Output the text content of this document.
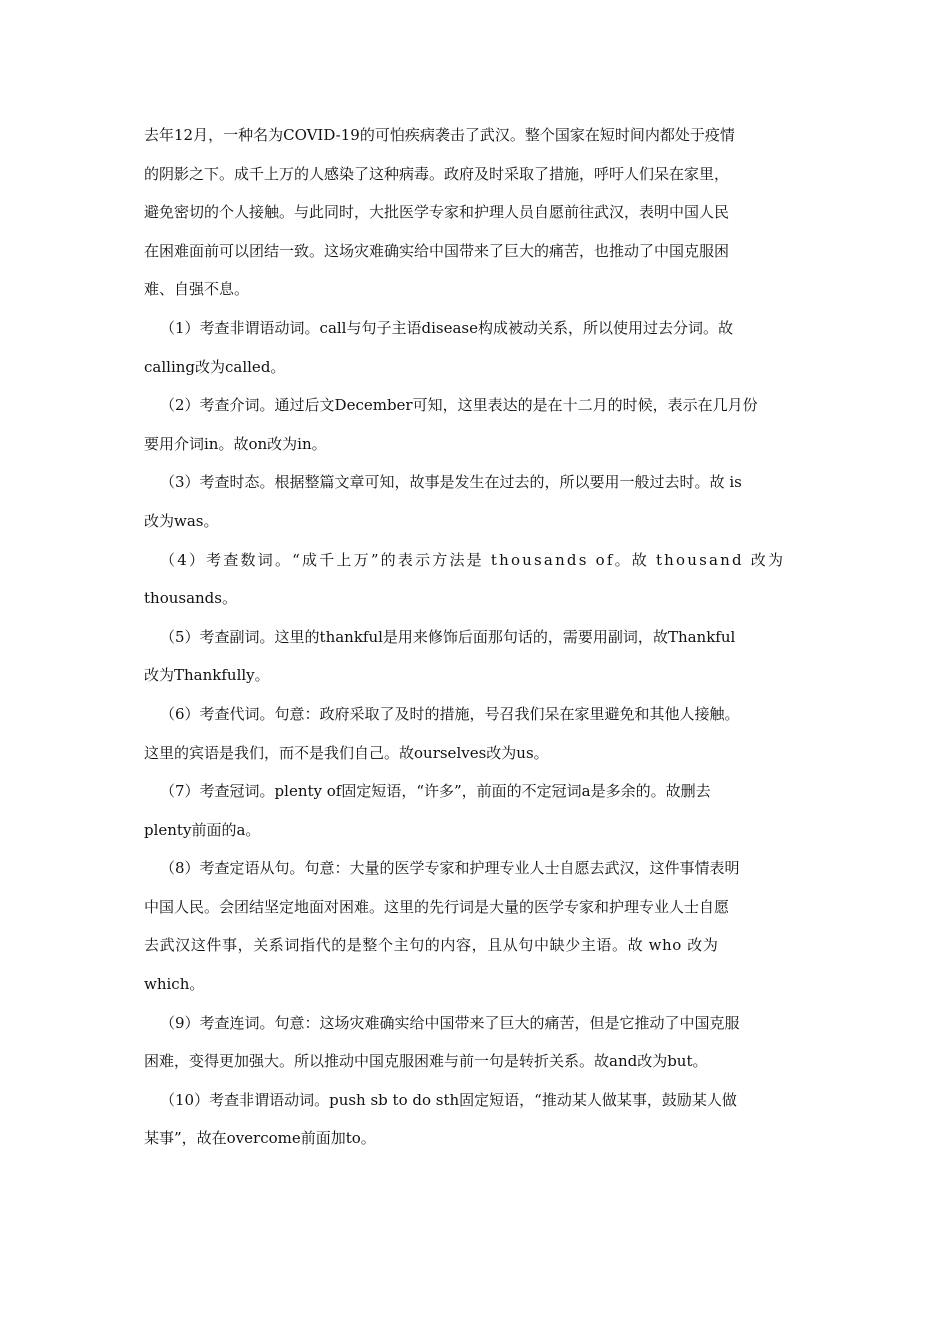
去年12月，一种名为COVID-19的可怕疾病袭击了武汉。整个国家在短时间内都处于疫情
的阴影之下。成千上万的人感染了这种病毒。政府及时采取了措施，呼吁人们呆在家里，
避免密切的个人接触。与此同时，大批医学专家和护理人员自愿前往武汉，表明中国人民
在困难面前可以团结一致。这场灾难确实给中国带来了巨大的痛苦，也推动了中国克服困
难、自强不息。
（1）考查非谓语动词。call与句子主语disease构成被动关系，所以使用过去分词。故
calling改为called。
（2）考查介词。通过后文December可知，这里表达的是在十二月的时候，表示在几月份
要用介词in。故on改为in。
（3）考查时态。根据整篇文章可知，故事是发生在过去的，所以要用一般过去时。故 is
改为was。
（4）考查数词。“成千上万”的表示方法是 thousands of。故 thousand 改为
thousands。
（5）考查副词。这里的thankful是用来修饰后面那句话的，需要用副词，故Thankful
改为Thankfully。
（6）考查代词。句意：政府采取了及时的措施，号召我们呆在家里避免和其他人接触。
这里的宾语是我们，而不是我们自己。故ourselves改为us。
（7）考查冠词。plenty of固定短语，“许多”，前面的不定冠词a是多余的。故删去
plenty前面的a。
（8）考查定语从句。句意：大量的医学专家和护理专业人士自愿去武汉，这件事情表明
中国人民。会团结坚定地面对困难。这里的先行词是大量的医学专家和护理专业人士自愿
去武汉这件事，关系词指代的是整个主句的内容，且从句中缺少主语。故 who 改为
which。
（9）考查连词。句意：这场灾难确实给中国带来了巨大的痛苦，但是它推动了中国克服
困难，变得更加强大。所以推动中国克服困难与前一句是转折关系。故and改为but。
（10）考查非谓语动词。push sb to do sth固定短语，“推动某人做某事，鼓励某人做
某事”，故在overcome前面加to。
